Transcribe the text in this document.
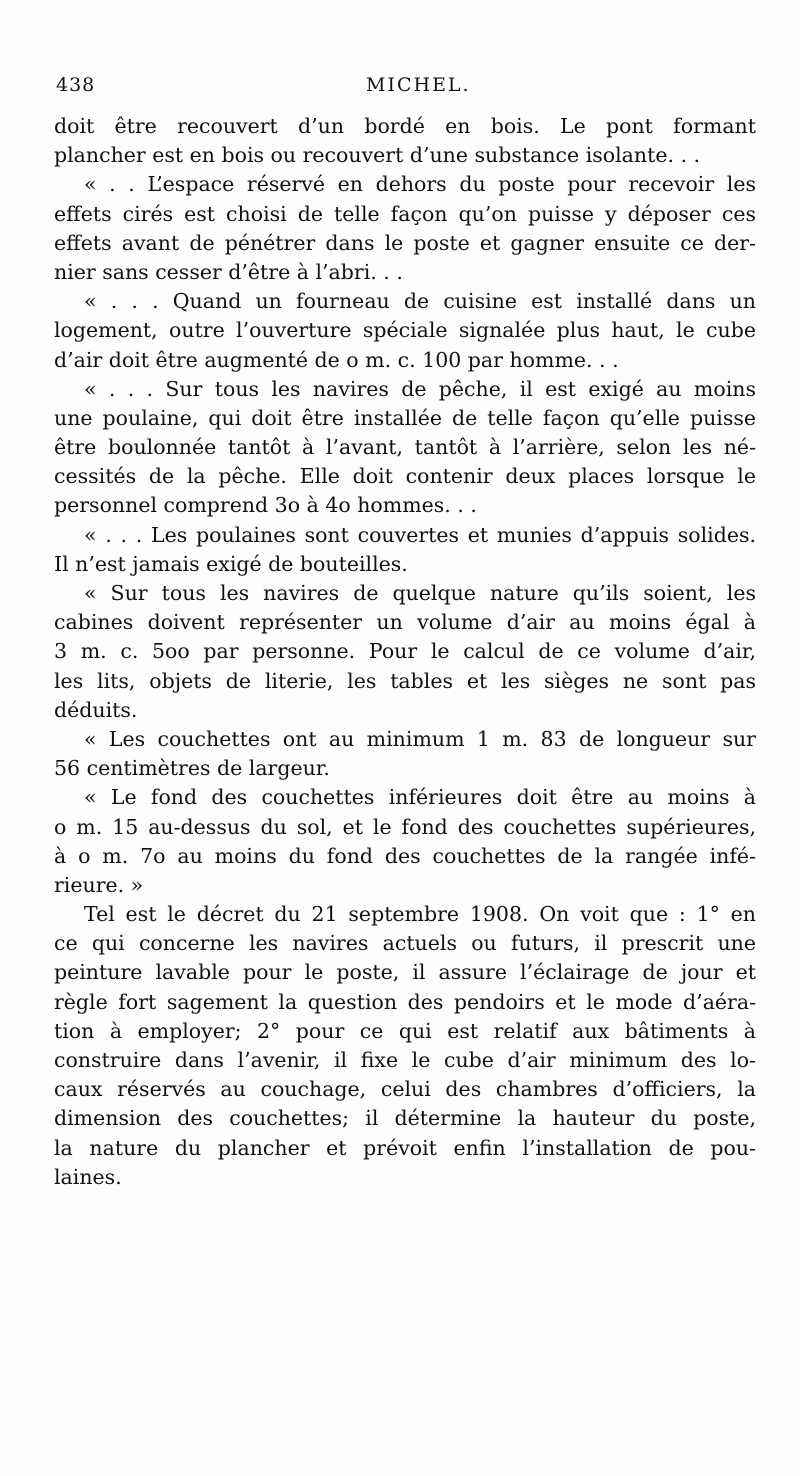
438	MICHEL.
doit être recouvert d’un bordé en bois. Le pont formant
plancher est en bois ou recouvert d’une substance isolante. . .
« . . L’espace réservé en dehors du poste pour recevoir les
effets cirés est choisi de telle façon qu’on puisse y déposer ces
effets avant de pénétrer dans le poste et gagner ensuite ce der-
nier sans cesser d’être à l’abri. . .
« . . . Quand un fourneau de cuisine est installé dans un
logement, outre l’ouverture spéciale signalée plus haut, le cube
d’air doit être augmenté de o m. c. 100 par homme. . .
« . . . Sur tous les navires de pêche, il est exigé au moins
une poulaine, qui doit être installée de telle façon qu’elle puisse
être boulonnée tantôt à l’avant, tantôt à l’arrière, selon les né-
cessités de la pêche. Elle doit contenir deux places lorsque le
personnel comprend 3o à 4o hommes. . .
« . . . Les poulaines sont couvertes et munies d’appuis solides.
Il n’est jamais exigé de bouteilles.
« Sur tous les navires de quelque nature qu’ils soient, les
cabines doivent représenter un volume d’air au moins égal à
3 m. c. 5oo par personne. Pour le calcul de ce volume d’air,
les lits, objets de literie, les tables et les sièges ne sont pas
déduits.
« Les couchettes ont au minimum 1 m. 83 de longueur sur
56 centimètres de largeur.
« Le fond des couchettes inférieures doit être au moins à
o m. 15 au-dessus du sol, et le fond des couchettes supérieures,
à o m. 7o au moins du fond des couchettes de la rangée infé-
rieure. »
Tel est le décret du 21 septembre 1908. On voit que : 1° en
ce qui concerne les navires actuels ou futurs, il prescrit une
peinture lavable pour le poste, il assure l’éclairage de jour et
règle fort sagement la question des pendoirs et le mode d’aéra-
tion à employer; 2° pour ce qui est relatif aux bâtiments à
construire dans l’avenir, il fixe le cube d’air minimum des lo-
caux réservés au couchage, celui des chambres d’officiers, la
dimension des couchettes; il détermine la hauteur du poste,
la nature du plancher et prévoit enfin l’installation de pou-
laines.
